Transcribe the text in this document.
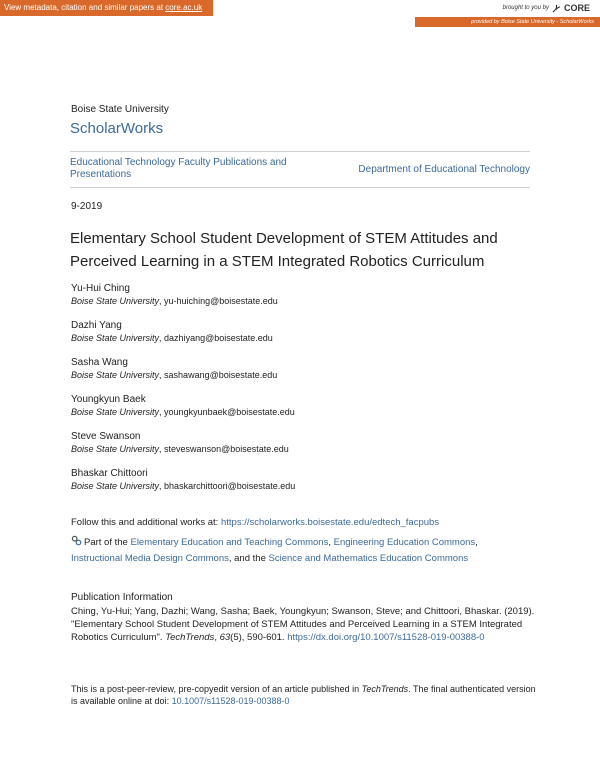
View metadata, citation and similar papers at core.ac.uk	brought to you by CORE
provided by Boise State University - ScholarWorks
Boise State University
ScholarWorks
Educational Technology Faculty Publications and Presentations	Department of Educational Technology
9-2019
Elementary School Student Development of STEM Attitudes and Perceived Learning in a STEM Integrated Robotics Curriculum
Yu-Hui Ching
Boise State University, yu-huiching@boisestate.edu
Dazhi Yang
Boise State University, dazhiyang@boisestate.edu
Sasha Wang
Boise State University, sashawang@boisestate.edu
Youngkyun Baek
Boise State University, youngkyunbaek@boisestate.edu
Steve Swanson
Boise State University, steveswanson@boisestate.edu
Bhaskar Chittoori
Boise State University, bhaskarchittoori@boisestate.edu
Follow this and additional works at: https://scholarworks.boisestate.edu/edtech_facpubs
Part of the Elementary Education and Teaching Commons, Engineering Education Commons,
Instructional Media Design Commons, and the Science and Mathematics Education Commons
Publication Information
Ching, Yu-Hui; Yang, Dazhi; Wang, Sasha; Baek, Youngkyun; Swanson, Steve; and Chittoori, Bhaskar. (2019). "Elementary School Student Development of STEM Attitudes and Perceived Learning in a STEM Integrated Robotics Curriculum". TechTrends, 63(5), 590-601. https://dx.doi.org/10.1007/s11528-019-00388-0
This is a post-peer-review, pre-copyedit version of an article published in TechTrends. The final authenticated version is available online at doi: 10.1007/s11528-019-00388-0
